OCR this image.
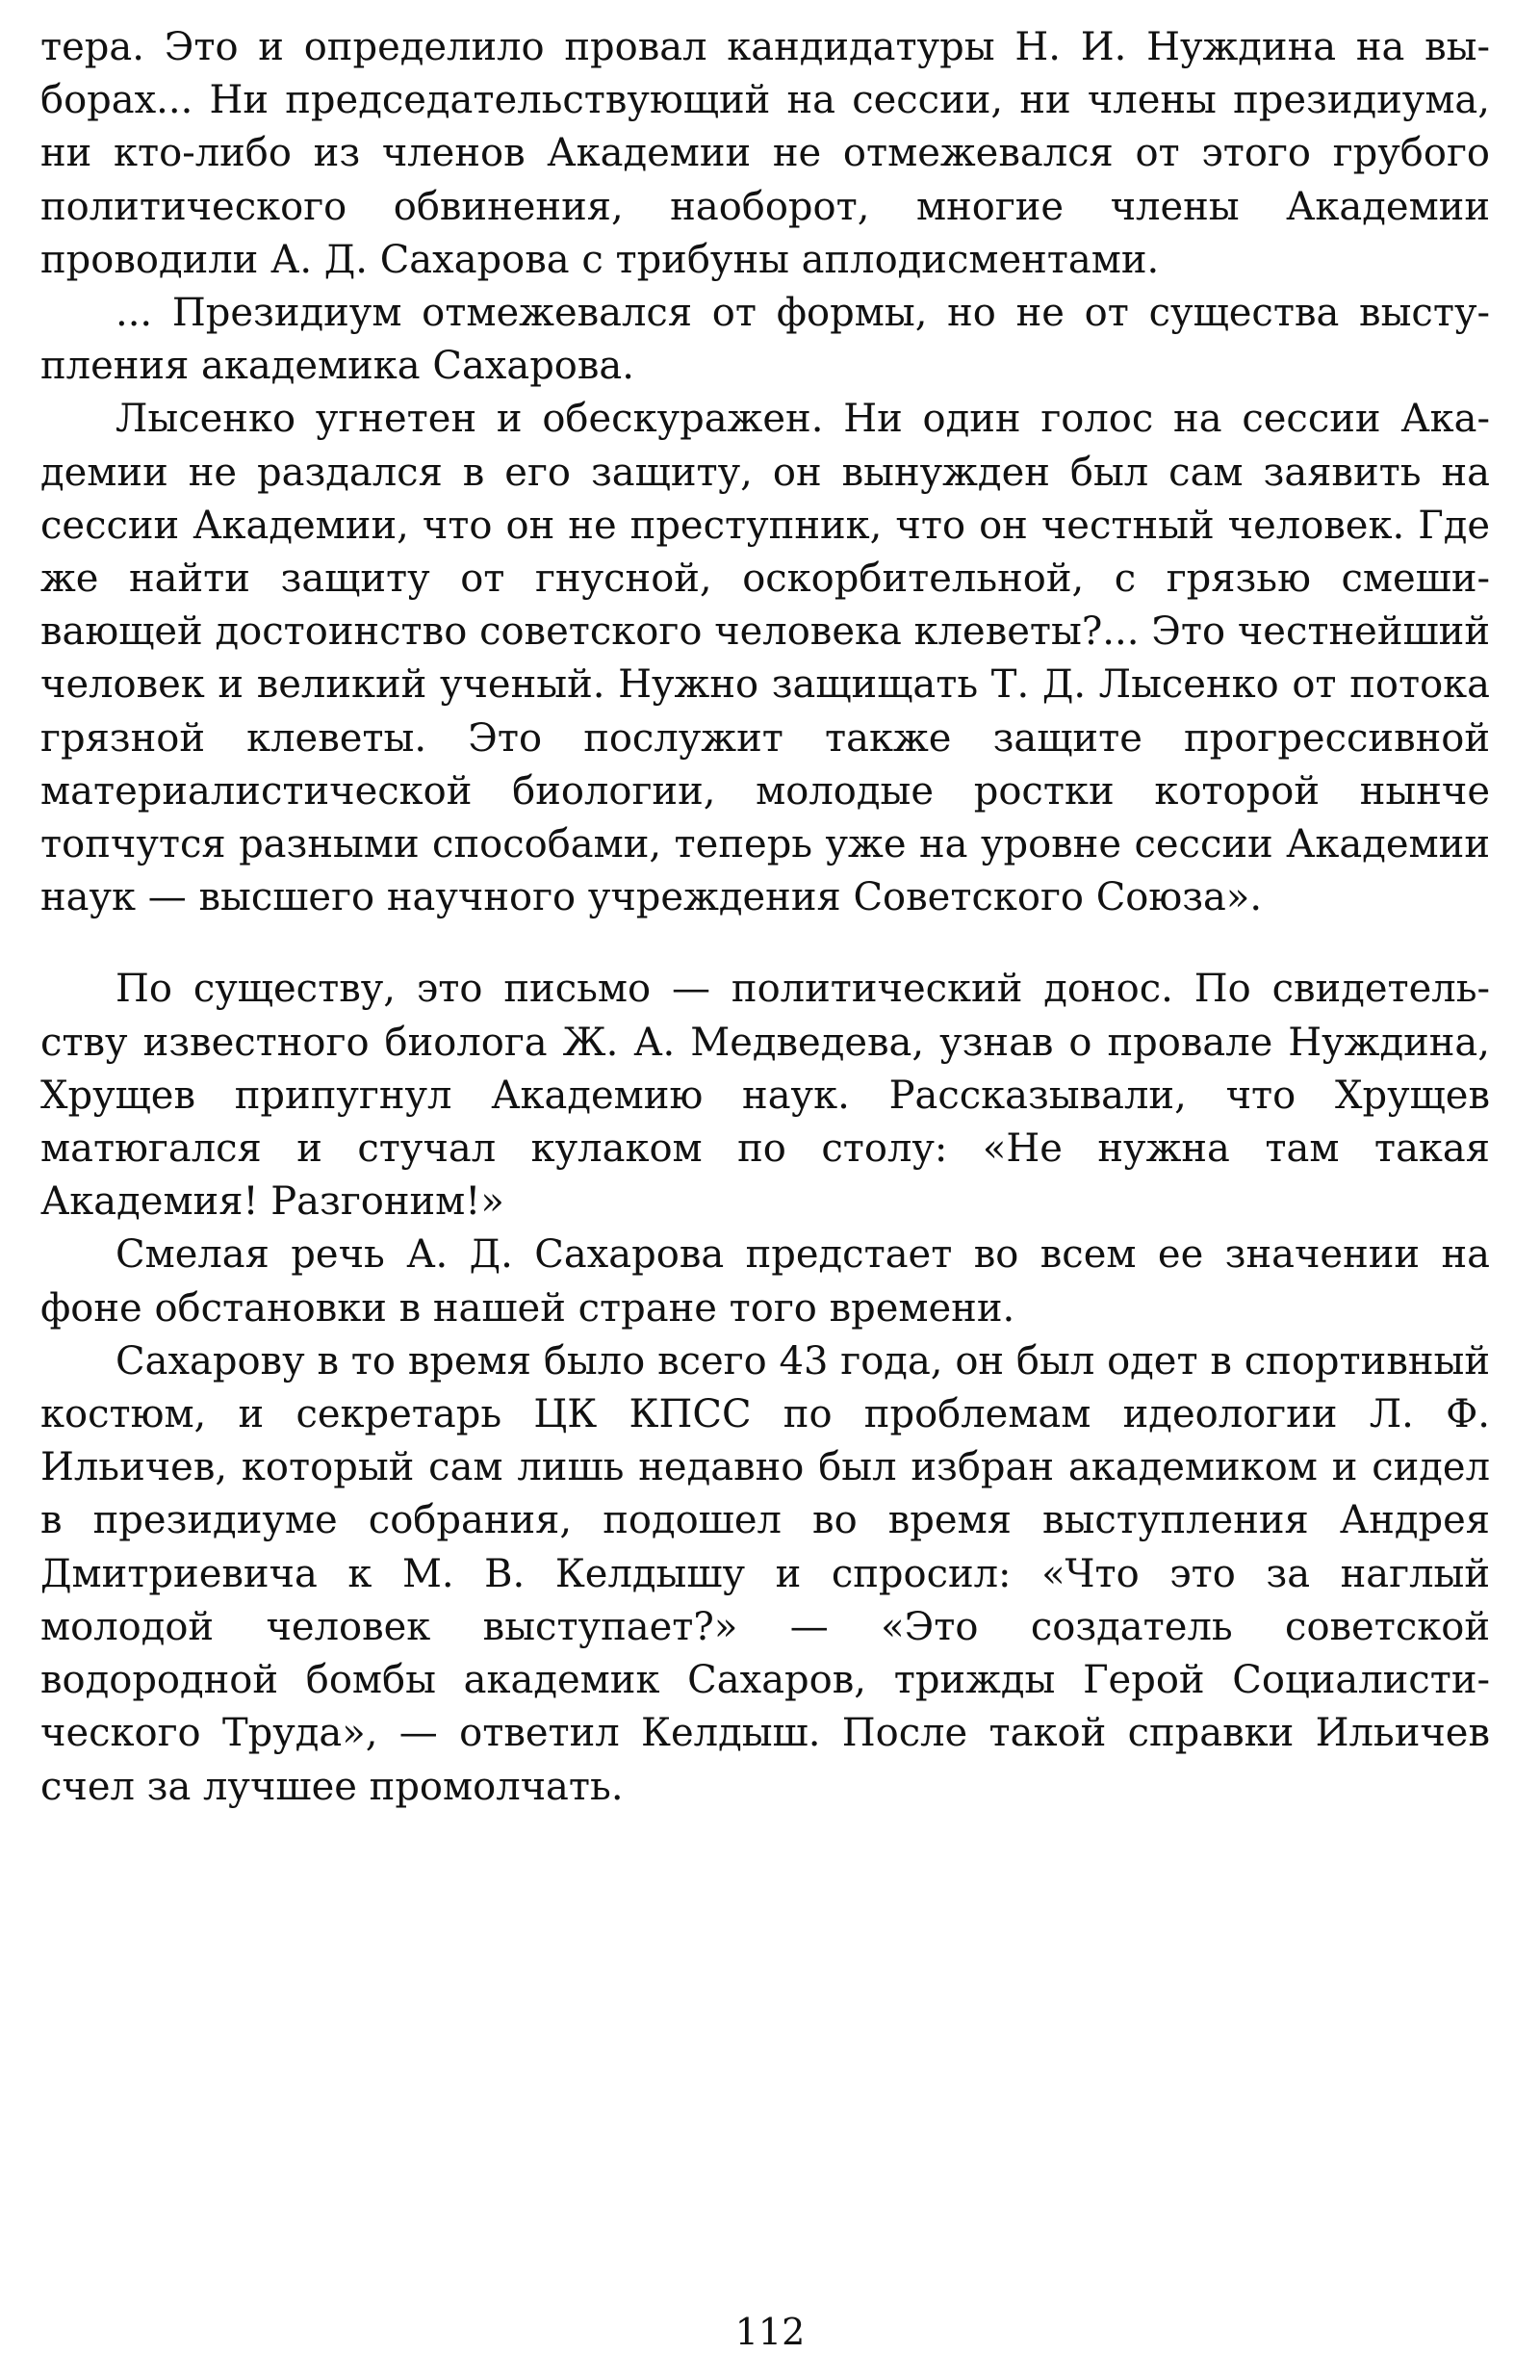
тера. Это и определило провал кандидатуры Н. И. Нуждина на выборах... Ни председательствующий на сессии, ни члены президиума, ни кто-либо из членов Академии не отмежевался от этого грубого политического обвинения, наоборот, многие члены Академии проводили А. Д. Сахарова с трибуны аплодисментами.

... Президиум отмежевался от формы, но не от существа выступления академика Сахарова.

Лысенко угнетен и обескуражен. Ни один голос на сессии Академии не раздался в его защиту, он вынужден был сам заявить на сессии Академии, что он не преступник, что он честный человек. Где же найти защиту от гнусной, оскорбительной, с грязью смешивающей достоинство советского человека клеветы?... Это честнейший человек и великий ученый. Нужно защищать Т. Д. Лысенко от потока грязной клеветы. Это послужит также защите прогрессивной материалистической биологии, молодые ростки которой нынче топчутся разными способами, теперь уже на уровне сессии Академии наук — высшего научного учреждения Советского Союза».

По существу, это письмо — политический донос. По свидетельству известного биолога Ж. А. Медведева, узнав о провале Нуждина, Хрущев припугнул Академию наук. Рассказывали, что Хрущев матюгался и стучал кулаком по столу: «Не нужна там такая Академия! Разгоним!»

Смелая речь А. Д. Сахарова предстает во всем ее значении на фоне обстановки в нашей стране того времени.

Сахарову в то время было всего 43 года, он был одет в спортивный костюм, и секретарь ЦК КПСС по проблемам идеологии Л. Ф. Ильичев, который сам лишь недавно был избран академиком и сидел в президиуме собрания, подошел во время выступления Андрея Дмитриевича к М. В. Келдышу и спросил: «Что это за наглый молодой человек выступает?» — «Это создатель советской водородной бомбы академик Сахаров, трижды Герой Социалистического Труда», — ответил Келдыш. После такой справки Ильичев счел за лучшее промолчать.

112
